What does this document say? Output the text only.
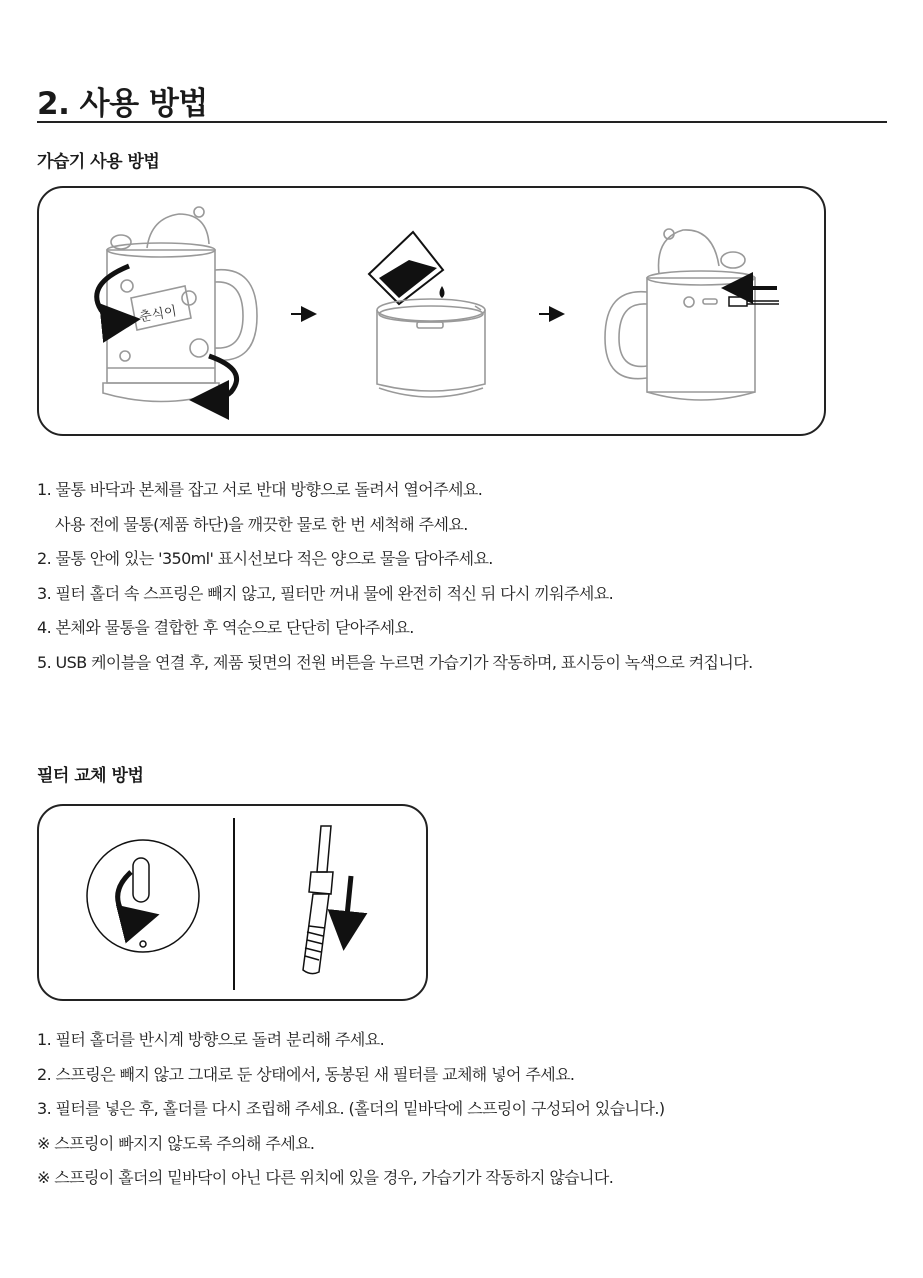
2. 사용 방법
가습기 사용 방법
춘식이
1. 물통 바닥과 본체를 잡고 서로 반대 방향으로 돌려서 열어주세요.
사용 전에 물통(제품 하단)을 깨끗한 물로 한 번 세척해 주세요.
2. 물통 안에 있는 '350ml' 표시선보다 적은 양으로 물을 담아주세요.
3. 필터 홀더 속 스프링은 빼지 않고, 필터만 꺼내 물에 완전히 적신 뒤 다시 끼워주세요.
4. 본체와 물통을 결합한 후 역순으로 단단히 닫아주세요.
5. USB 케이블을 연결 후, 제품 뒷면의 전원 버튼을 누르면 가습기가 작동하며, 표시등이 녹색으로 켜집니다.
필터 교체 방법
1. 필터 홀더를 반시계 방향으로 돌려 분리해 주세요.
2. 스프링은 빼지 않고 그대로 둔 상태에서, 동봉된 새 필터를 교체해 넣어 주세요.
3. 필터를 넣은 후, 홀더를 다시 조립해 주세요. (홀더의 밑바닥에 스프링이 구성되어 있습니다.)
※ 스프링이 빠지지 않도록 주의해 주세요.
※ 스프링이 홀더의 밑바닥이 아닌 다른 위치에 있을 경우, 가습기가 작동하지 않습니다.
